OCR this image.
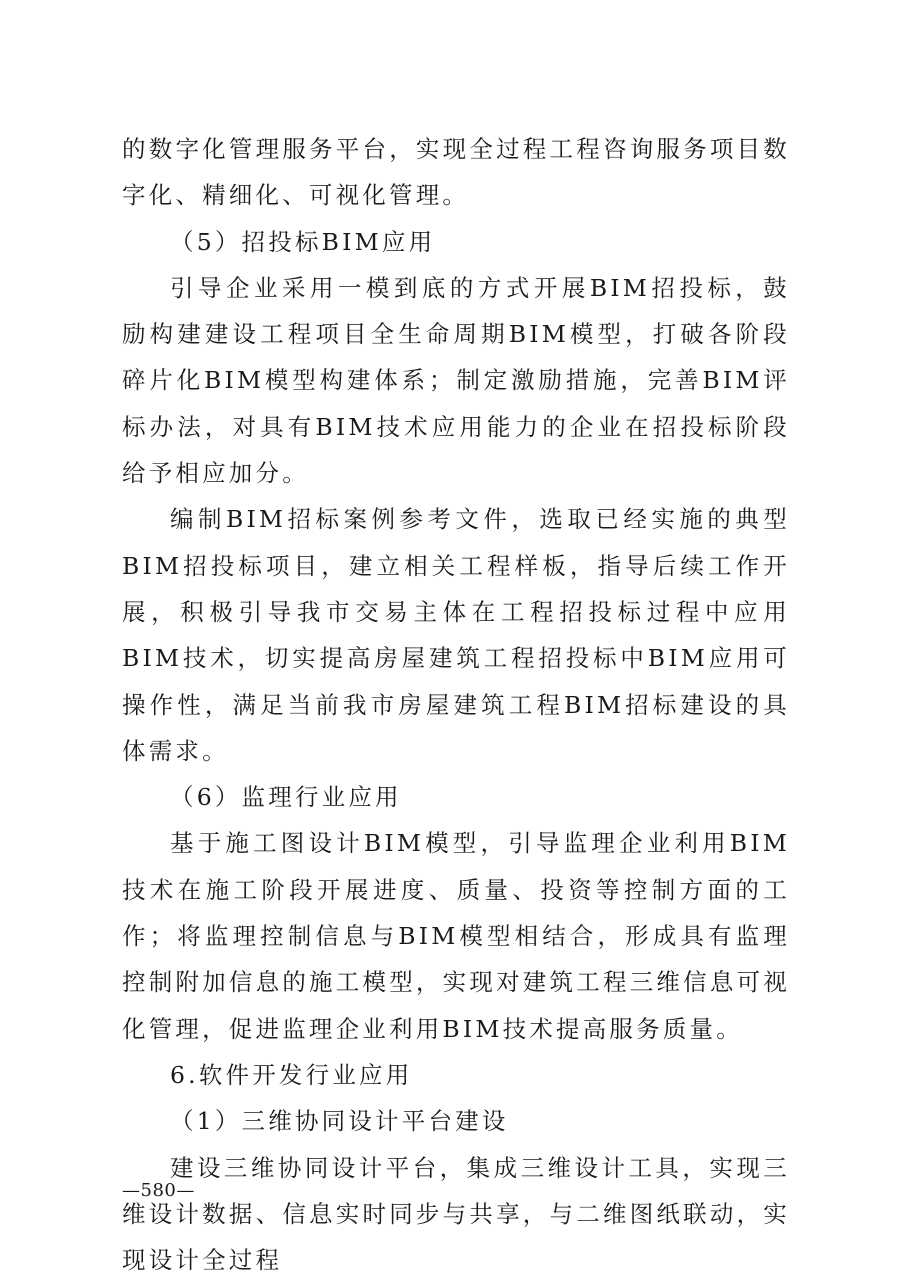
的数字化管理服务平台，实现全过程工程咨询服务项目数字化、精细化、可视化管理。

（5）招投标BIM应用

引导企业采用一模到底的方式开展BIM招投标，鼓励构建建设工程项目全生命周期BIM模型，打破各阶段碎片化BIM模型构建体系；制定激励措施，完善BIM评标办法，对具有BIM技术应用能力的企业在招投标阶段给予相应加分。

编制BIM招标案例参考文件，选取已经实施的典型BIM招投标项目，建立相关工程样板，指导后续工作开展，积极引导我市交易主体在工程招投标过程中应用BIM技术，切实提高房屋建筑工程招投标中BIM应用可操作性，满足当前我市房屋建筑工程BIM招标建设的具体需求。

（6）监理行业应用

基于施工图设计BIM模型，引导监理企业利用BIM技术在施工阶段开展进度、质量、投资等控制方面的工作；将监理控制信息与BIM模型相结合，形成具有监理控制附加信息的施工模型，实现对建筑工程三维信息可视化管理，促进监理企业利用BIM技术提高服务质量。

6.软件开发行业应用

（1）三维协同设计平台建设

建设三维协同设计平台，集成三维设计工具，实现三维设计数据、信息实时同步与共享，与二维图纸联动，实现设计全过程

—580—
